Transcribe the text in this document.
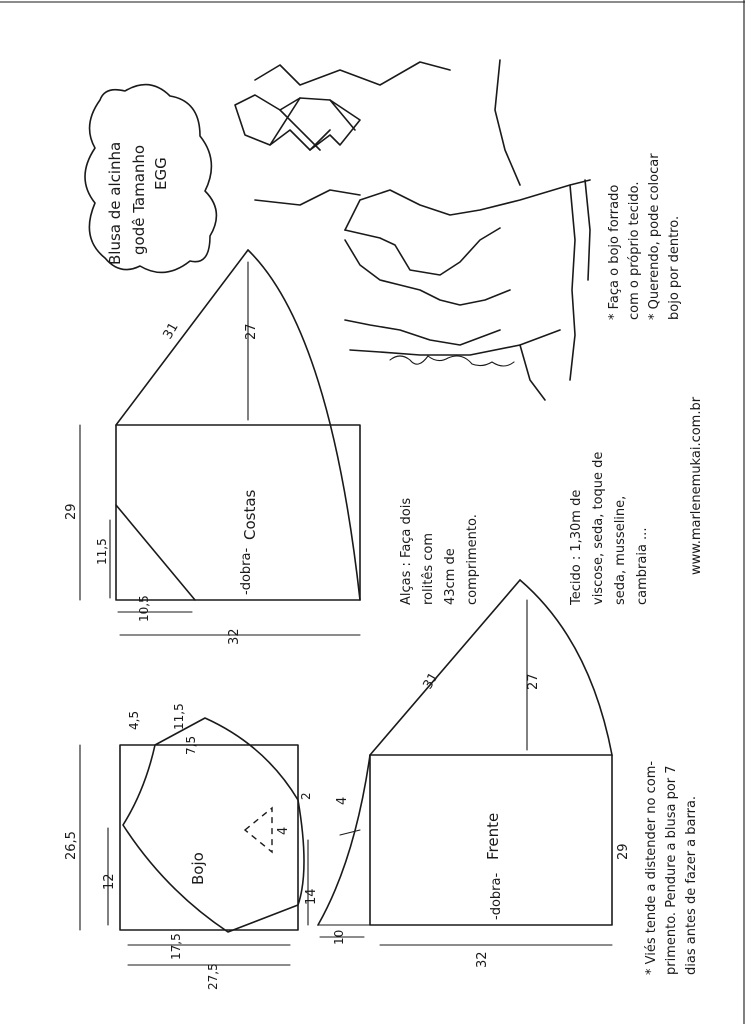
Blusa de alcinha godê Tamanho EGG
27
31
29
11,5
10,5
32
Costas
-dobra-
27
31
29
4
10
32
Frente
-dobra-
26,5
12
14
4,5	11,5
7,5
2
4
17,5
27,5
Bojo
Alças : Faça dois rolitês com 43cm de comprimento.	Tecido : 1,30m de viscose, seda, toque de seda, musseline, cambraia ...	www.marlenemukai.com.br
* Faça o bojo forrado com o próprio tecido. * Querendo, pode colocar bojo por dentro.
* Viés tende a distender no com- primento. Pendure a blusa por 7 dias antes de fazer a barra.
